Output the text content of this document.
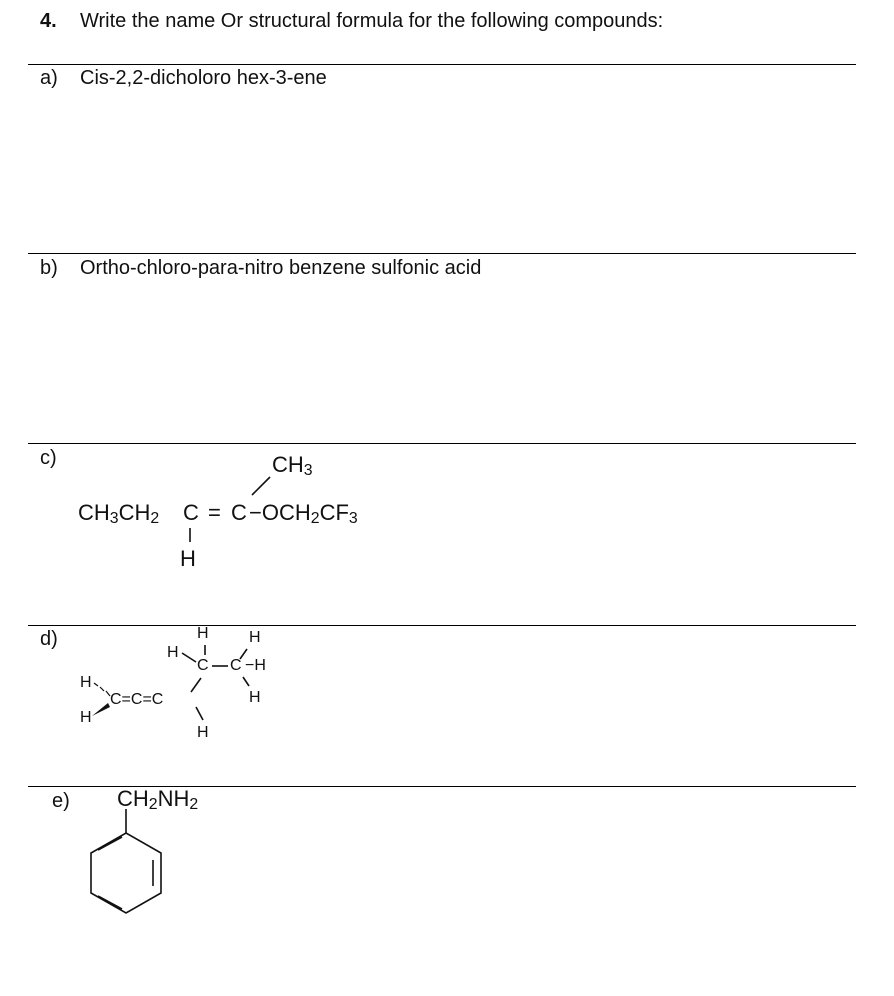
4. Write the name Or structural formula for the following compounds:
a) Cis-2,2-dicholoro hex-3-ene
b) Ortho-chloro-para-nitro benzene sulfonic acid
c)
$CH_3CH_2$ $C = C -OCH_2CF_3$
$CH_3$
H
d)
H
H
C=C=C
H
C
H
H
C
H
−H
H
e) $CH_2NH_2$
